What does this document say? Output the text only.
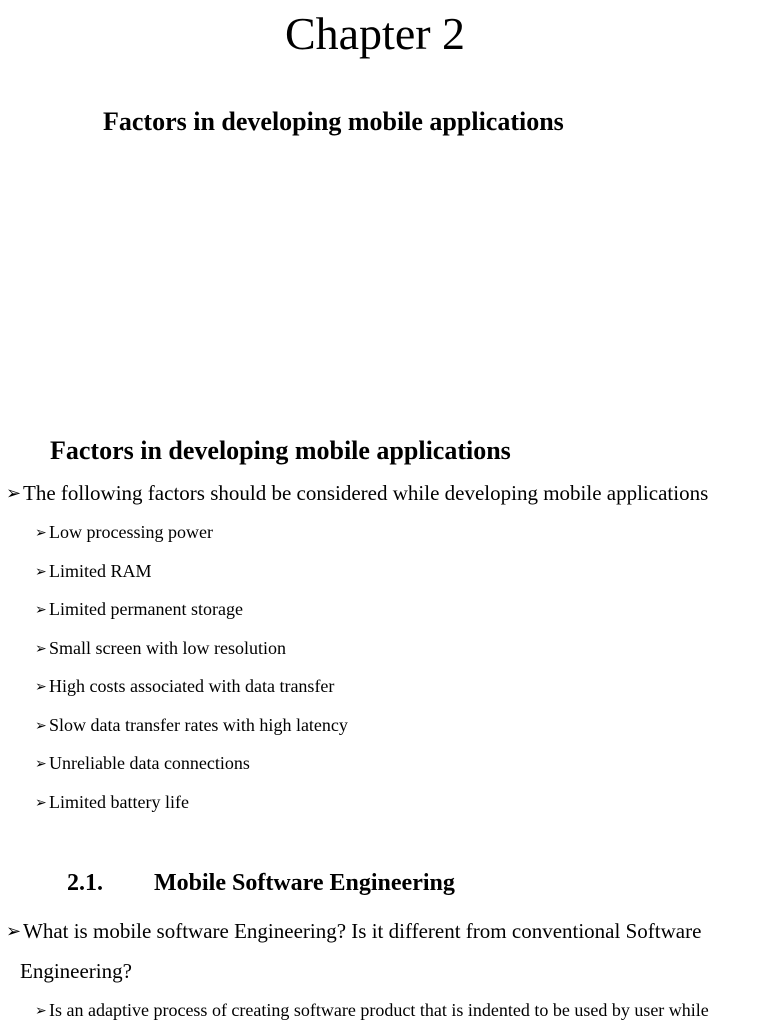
Chapter 2
Factors in developing mobile applications
Factors in developing mobile applications
➢The following factors should be considered while developing mobile applications
➢ Low processing power
➢ Limited RAM
➢ Limited permanent storage
➢ Small screen with low resolution
➢ High costs associated with data transfer
➢ Slow data transfer rates with high latency
➢ Unreliable data connections
➢ Limited battery life
2.1. Mobile Software Engineering
➢What is mobile software Engineering? Is it different from conventional Software
Engineering?
➢ Is an adaptive process of creating software product that is indented to be used by user while
